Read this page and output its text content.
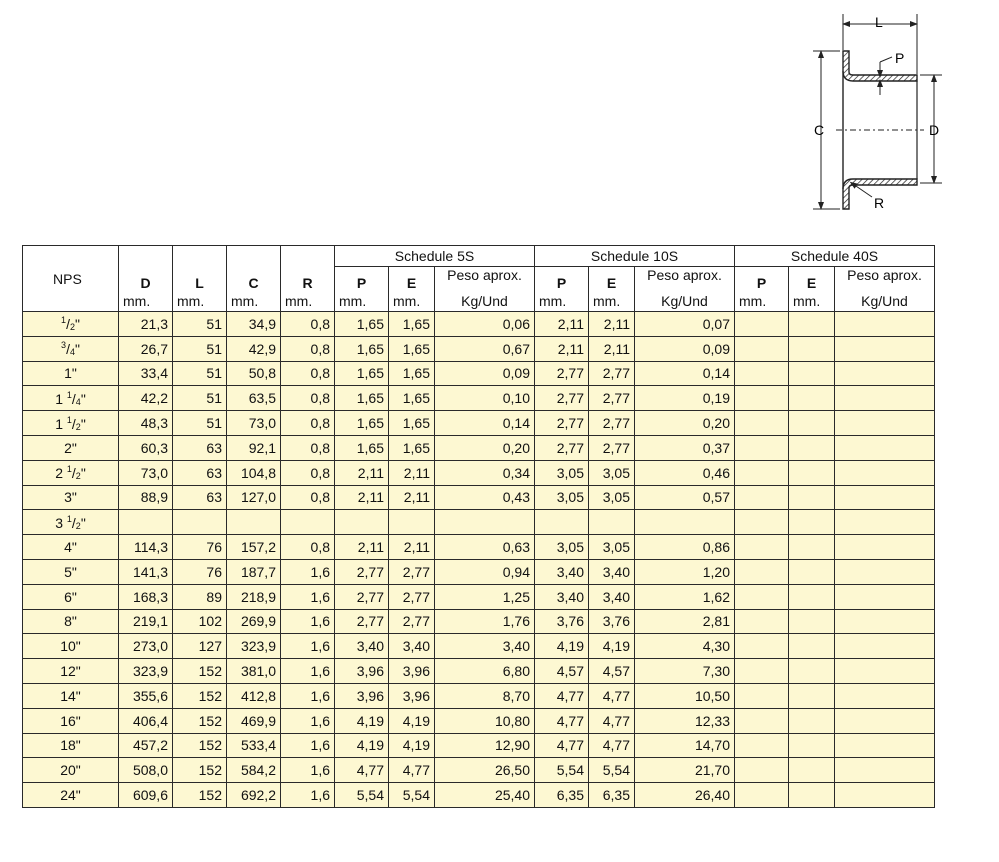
L
P
C	D
R
NPS	D	L	C	R	Schedule 5S			Schedule 10S			Schedule 40S		
					P	E	Peso aprox.	P	E	Peso aprox.	P	E	Peso aprox.
	mm.	mm.	mm.	mm.	mm.	mm.	Kg/Und	mm.	mm.	Kg/Und	mm.	mm.	Kg/Und
$^1/_2$"	21,3	51	34,9	0,8	1,65	1,65	0,06	2,11	2,11	0,07			
$^3/_4$"	26,7	51	42,9	0,8	1,65	1,65	0,67	2,11	2,11	0,09			
1"	33,4	51	50,8	0,8	1,65	1,65	0,09	2,77	2,77	0,14			
1 $^1/_4$"	42,2	51	63,5	0,8	1,65	1,65	0,10	2,77	2,77	0,19			
1 $^1/_2$"	48,3	51	73,0	0,8	1,65	1,65	0,14	2,77	2,77	0,20			
2"	60,3	63	92,1	0,8	1,65	1,65	0,20	2,77	2,77	0,37			
2 $^1/_2$"	73,0	63	104,8	0,8	2,11	2,11	0,34	3,05	3,05	0,46			
3"	88,9	63	127,0	0,8	2,11	2,11	0,43	3,05	3,05	0,57			
3 $^1/_2$"													
4"	114,3	76	157,2	0,8	2,11	2,11	0,63	3,05	3,05	0,86			
5"	141,3	76	187,7	1,6	2,77	2,77	0,94	3,40	3,40	1,20			
6"	168,3	89	218,9	1,6	2,77	2,77	1,25	3,40	3,40	1,62			
8"	219,1	102	269,9	1,6	2,77	2,77	1,76	3,76	3,76	2,81			
10"	273,0	127	323,9	1,6	3,40	3,40	3,40	4,19	4,19	4,30			
12"	323,9	152	381,0	1,6	3,96	3,96	6,80	4,57	4,57	7,30			
14"	355,6	152	412,8	1,6	3,96	3,96	8,70	4,77	4,77	10,50			
16"	406,4	152	469,9	1,6	4,19	4,19	10,80	4,77	4,77	12,33			
18"	457,2	152	533,4	1,6	4,19	4,19	12,90	4,77	4,77	14,70			
20"	508,0	152	584,2	1,6	4,77	4,77	26,50	5,54	5,54	21,70			
24"	609,6	152	692,2	1,6	5,54	5,54	25,40	6,35	6,35	26,40			
